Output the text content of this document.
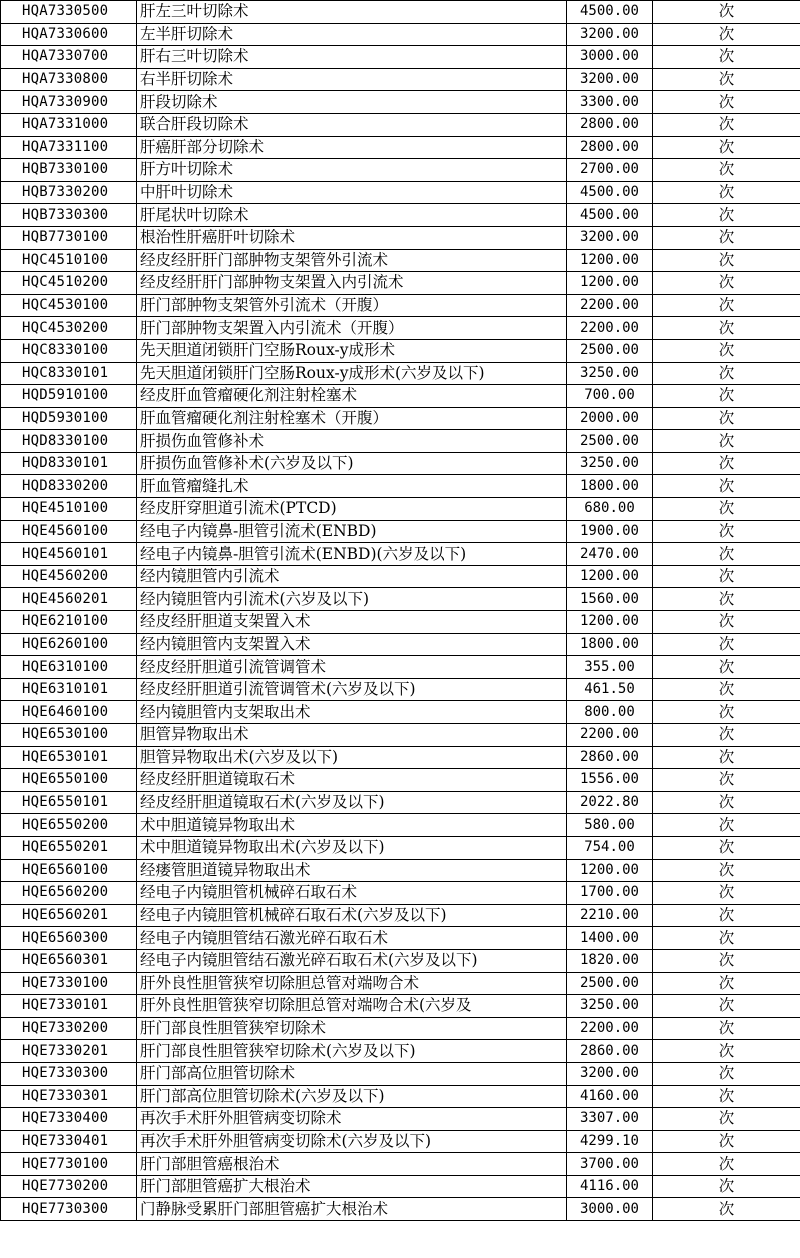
HQA7330500	肝左三叶切除术	4500.00	次
HQA7330600	左半肝切除术	3200.00	次
HQA7330700	肝右三叶切除术	3000.00	次
HQA7330800	右半肝切除术	3200.00	次
HQA7330900	肝段切除术	3300.00	次
HQA7331000	联合肝段切除术	2800.00	次
HQA7331100	肝癌肝部分切除术	2800.00	次
HQB7330100	肝方叶切除术	2700.00	次
HQB7330200	中肝叶切除术	4500.00	次
HQB7330300	肝尾状叶切除术	4500.00	次
HQB7730100	根治性肝癌肝叶切除术	3200.00	次
HQC4510100	经皮经肝肝门部肿物支架管外引流术	1200.00	次
HQC4510200	经皮经肝肝门部肿物支架置入内引流术	1200.00	次
HQC4530100	肝门部肿物支架管外引流术（开腹）	2200.00	次
HQC4530200	肝门部肿物支架置入内引流术（开腹）	2200.00	次
HQC8330100	先天胆道闭锁肝门空肠Roux-y成形术	2500.00	次
HQC8330101	先天胆道闭锁肝门空肠Roux-y成形术(六岁及以下)	3250.00	次
HQD5910100	经皮肝血管瘤硬化剂注射栓塞术	700.00	次
HQD5930100	肝血管瘤硬化剂注射栓塞术（开腹）	2000.00	次
HQD8330100	肝损伤血管修补术	2500.00	次
HQD8330101	肝损伤血管修补术(六岁及以下)	3250.00	次
HQD8330200	肝血管瘤缝扎术	1800.00	次
HQE4510100	经皮肝穿胆道引流术(PTCD)	680.00	次
HQE4560100	经电子内镜鼻-胆管引流术(ENBD)	1900.00	次
HQE4560101	经电子内镜鼻-胆管引流术(ENBD)(六岁及以下)	2470.00	次
HQE4560200	经内镜胆管内引流术	1200.00	次
HQE4560201	经内镜胆管内引流术(六岁及以下)	1560.00	次
HQE6210100	经皮经肝胆道支架置入术	1200.00	次
HQE6260100	经内镜胆管内支架置入术	1800.00	次
HQE6310100	经皮经肝胆道引流管调管术	355.00	次
HQE6310101	经皮经肝胆道引流管调管术(六岁及以下)	461.50	次
HQE6460100	经内镜胆管内支架取出术	800.00	次
HQE6530100	胆管异物取出术	2200.00	次
HQE6530101	胆管异物取出术(六岁及以下)	2860.00	次
HQE6550100	经皮经肝胆道镜取石术	1556.00	次
HQE6550101	经皮经肝胆道镜取石术(六岁及以下)	2022.80	次
HQE6550200	术中胆道镜异物取出术	580.00	次
HQE6550201	术中胆道镜异物取出术(六岁及以下)	754.00	次
HQE6560100	经瘘管胆道镜异物取出术	1200.00	次
HQE6560200	经电子内镜胆管机械碎石取石术	1700.00	次
HQE6560201	经电子内镜胆管机械碎石取石术(六岁及以下)	2210.00	次
HQE6560300	经电子内镜胆管结石激光碎石取石术	1400.00	次
HQE6560301	经电子内镜胆管结石激光碎石取石术(六岁及以下)	1820.00	次
HQE7330100	肝外良性胆管狭窄切除胆总管对端吻合术	2500.00	次
HQE7330101	肝外良性胆管狭窄切除胆总管对端吻合术(六岁及	3250.00	次
HQE7330200	肝门部良性胆管狭窄切除术	2200.00	次
HQE7330201	肝门部良性胆管狭窄切除术(六岁及以下)	2860.00	次
HQE7330300	肝门部高位胆管切除术	3200.00	次
HQE7330301	肝门部高位胆管切除术(六岁及以下)	4160.00	次
HQE7330400	再次手术肝外胆管病变切除术	3307.00	次
HQE7330401	再次手术肝外胆管病变切除术(六岁及以下)	4299.10	次
HQE7730100	肝门部胆管癌根治术	3700.00	次
HQE7730200	肝门部胆管癌扩大根治术	4116.00	次
HQE7730300	门静脉受累肝门部胆管癌扩大根治术	3000.00	次
